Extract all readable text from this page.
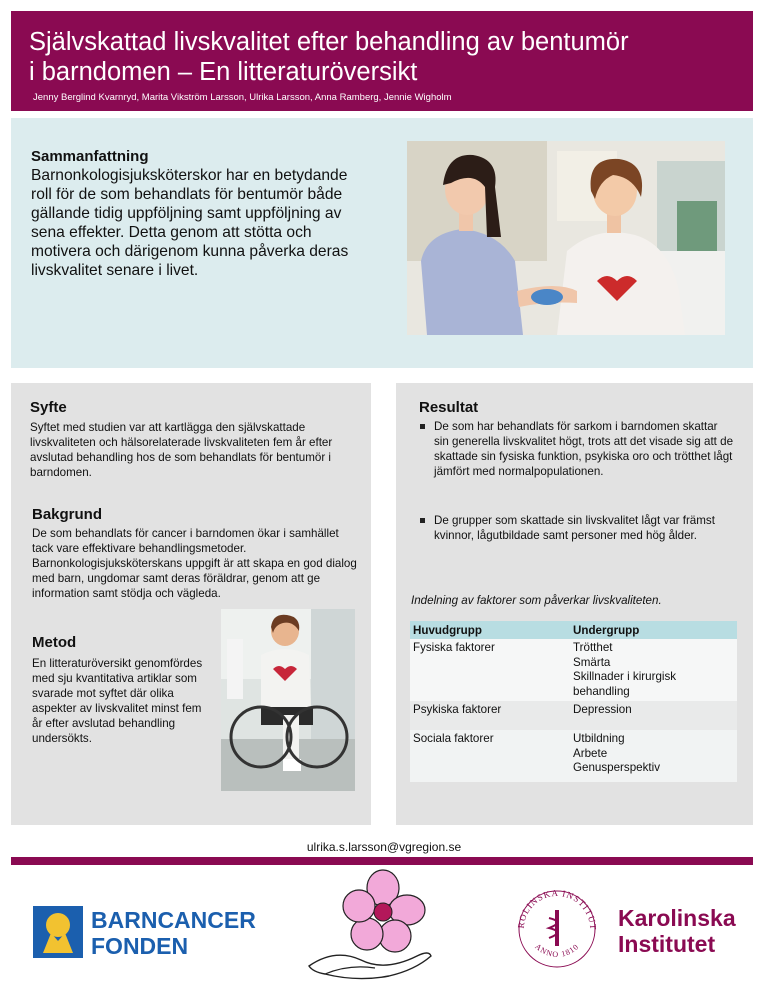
Självskattad livskvalitet efter behandling av bentumör
i barndomen – En litteraturöversikt
Jenny Berglind Kvarnryd, Marita Vikström Larsson, Ulrika Larsson, Anna Ramberg, Jennie Wigholm
Sammanfattning
Barnonkologisjuksköterskor har en betydande roll för de som behandlats för bentumör både gällande tidig uppföljning samt uppföljning av sena effekter. Detta genom att stötta och motivera och därigenom kunna påverka deras livskvalitet senare i livet.
Syfte
Syftet med studien var att kartlägga den självskattade livskvaliteten och hälsorelaterade livskvaliteten fem år efter avslutad behandling hos de som behandlats för bentumör i barndomen.
Bakgrund
De som behandlats för cancer i barndomen ökar i samhället tack vare effektivare behandlingsmetoder. Barnonkologisjuksköterskans uppgift är att skapa en god dialog med barn, ungdomar samt deras föräldrar, genom att ge information samt stödja och vägleda.
Metod
En litteraturöversikt genomfördes med sju kvantitativa artiklar som svarade mot syftet där olika aspekter av livskvalitet minst fem år efter avslutad behandling undersökts.
Resultat
De som har behandlats för sarkom i barndomen skattar sin generella livskvalitet högt, trots att det visade sig att de skattade sin fysiska funktion, psykiska oro och trötthet lågt jämfört med normalpopulationen.
De grupper som skattade sin livskvalitet lågt var främst kvinnor, lågutbildade samt personer med hög ålder.
Indelning av faktorer som påverkar livskvaliteten.
Huvudgrupp	Undergrupp
Fysiska faktorer	Trötthet
Smärta
Skillnader i kirurgisk
behandling

Psykiska faktorer	Depression

Sociala faktorer	Utbildning
Arbete
Genusperspektiv
ulrika.s.larsson@vgregion.se
BARNCANCER
FONDEN
ROLINSKA INSTITUT
ANNO 1810
Karolinska
Institutet
